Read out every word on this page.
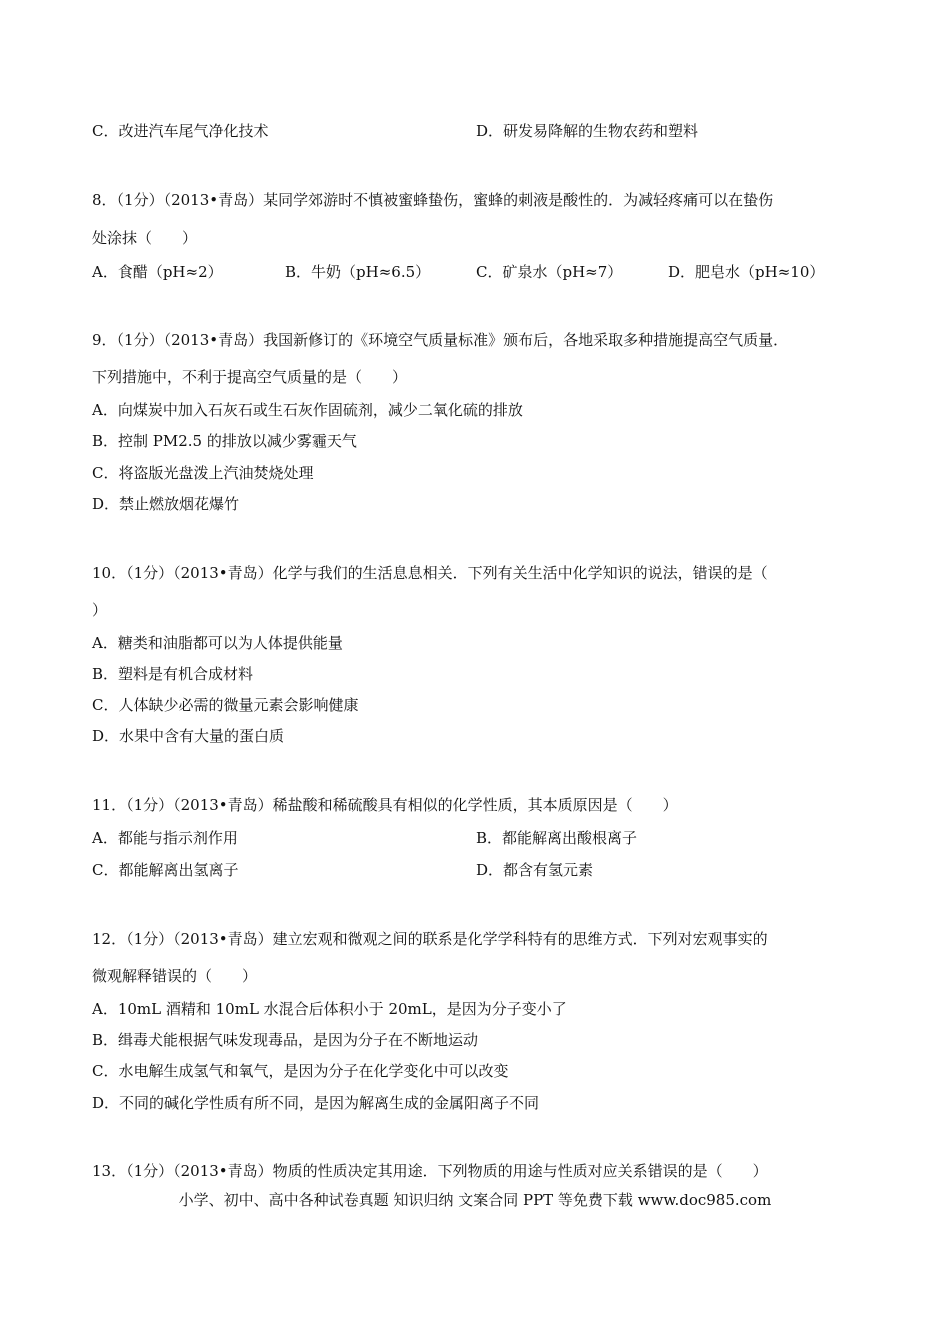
C．改进汽车尾气净化技术	D．研发易降解的生物农药和塑料
8．（1分）（2013•青岛）某同学郊游时不慎被蜜蜂蛰伤，蜜蜂的刺液是酸性的．为减轻疼痛可以在蛰伤
处涂抹（　　）
A．食醋（pH≈2）	B．牛奶（pH≈6.5）	C．矿泉水（pH≈7）	D．肥皂水（pH≈10）
9．（1分）（2013•青岛）我国新修订的《环境空气质量标准》颁布后，各地采取多种措施提高空气质量．
下列措施中，不利于提高空气质量的是（　　）
A．向煤炭中加入石灰石或生石灰作固硫剂，减少二氧化硫的排放
B．控制 PM2.5 的排放以减少雾霾天气
C．将盗版光盘泼上汽油焚烧处理
D．禁止燃放烟花爆竹
10．（1分）（2013•青岛）化学与我们的生活息息相关．下列有关生活中化学知识的说法，错误的是（
）
A．糖类和油脂都可以为人体提供能量
B．塑料是有机合成材料
C．人体缺少必需的微量元素会影响健康
D．水果中含有大量的蛋白质
11．（1分）（2013•青岛）稀盐酸和稀硫酸具有相似的化学性质，其本质原因是（　　）
A．都能与指示剂作用	B．都能解离出酸根离子
C．都能解离出氢离子	D．都含有氢元素
12．（1分）（2013•青岛）建立宏观和微观之间的联系是化学学科特有的思维方式．下列对宏观事实的
微观解释错误的（　　）
A．10mL 酒精和 10mL 水混合后体积小于 20mL，是因为分子变小了
B．缉毒犬能根据气味发现毒品，是因为分子在不断地运动
C．水电解生成氢气和氧气，是因为分子在化学变化中可以改变
D．不同的碱化学性质有所不同，是因为解离生成的金属阳离子不同
13．（1分）（2013•青岛）物质的性质决定其用途．下列物质的用途与性质对应关系错误的是（　　）
小学、初中、高中各种试卷真题 知识归纳 文案合同 PPT 等免费下载 www.doc985.com
